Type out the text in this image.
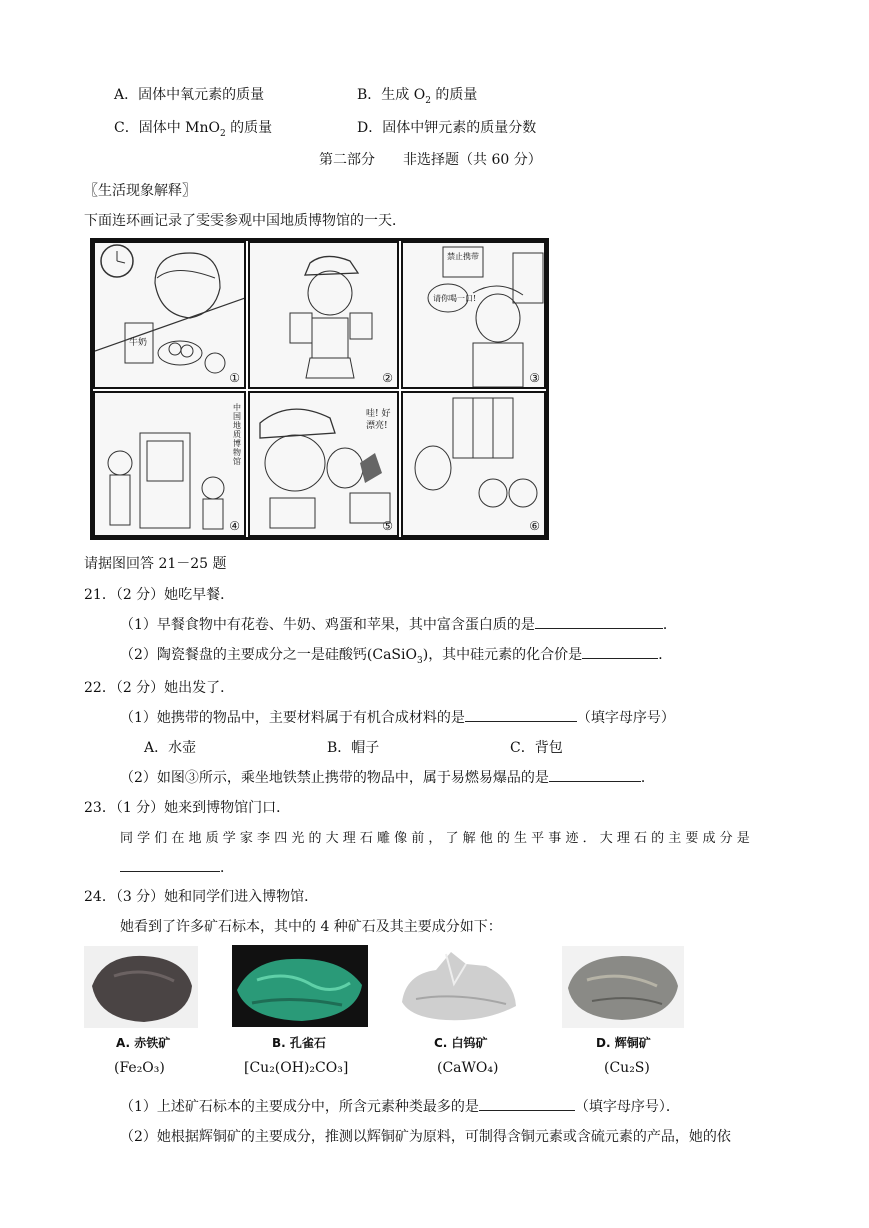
A．固体中氧元素的质量	B．生成 $O_2$ 的质量
C．固体中 MnO$_2$ 的质量	D．固体中钾元素的质量分数
第二部分　　非选择题（共 60 分）
〖生活现象解释〗
下面连环画记录了雯雯参观中国地质博物馆的一天．
牛奶
①	②
禁止携带
请你喝一口!
③
中国地质博物馆
④
哇! 好漂亮!
⑤	⑥
请据图回答 21－25 题
21．（2 分）她吃早餐．
（1）早餐食物中有花卷、牛奶、鸡蛋和苹果，其中富含蛋白质的是	．
（2）陶瓷餐盘的主要成分之一是硅酸钙(CaSiO$_3$)，其中硅元素的化合价是	．
22．（2 分）她出发了．
（1）她携带的物品中，主要材料属于有机合成材料的是	（填字母序号）
A．水壶	B．帽子	C．背包
（2）如图③所示，乘坐地铁禁止携带的物品中，属于易燃易爆品的是	．
23．（1 分）她来到博物馆门口．
同 学 们 在 地 质 学 家 李 四 光 的 大 理 石 雕 像 前 ， 了 解 他 的 生 平 事 迹 ． 大 理 石 的 主 要 成 分 是
．
24．（3 分）她和同学们进入博物馆．
她看到了许多矿石标本，其中的 4 种矿石及其主要成分如下：
A. 赤铁矿	B. 孔雀石	C. 白钨矿	D. 辉铜矿
(Fe₂O₃)	[Cu₂(OH)₂CO₃]	(CaWO₄)	(Cu₂S)
（1）上述矿石标本的主要成分中，所含元素种类最多的是	（填字母序号）．
（2）她根据辉铜矿的主要成分，推测以辉铜矿为原料，可制得含铜元素或含硫元素的产品，她的依
